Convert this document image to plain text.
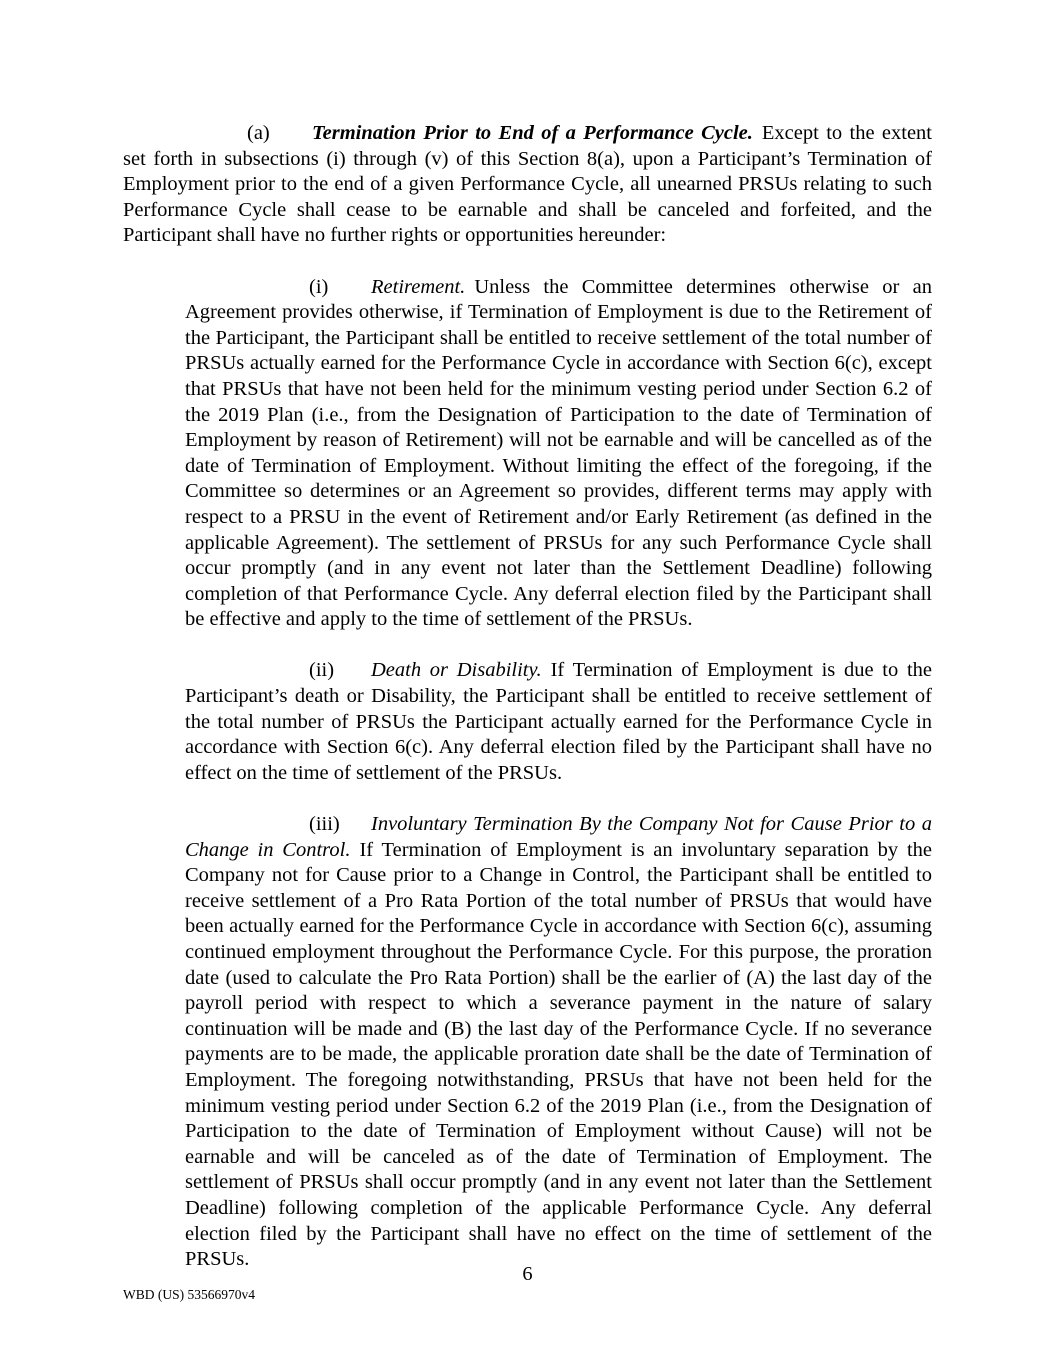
(a) Termination Prior to End of a Performance Cycle. Except to the extent set forth in subsections (i) through (v) of this Section 8(a), upon a Participant’s Termination of Employment prior to the end of a given Performance Cycle, all unearned PRSUs relating to such Performance Cycle shall cease to be earnable and shall be canceled and forfeited, and the Participant shall have no further rights or opportunities hereunder:

(i) Retirement. Unless the Committee determines otherwise or an Agreement provides otherwise, if Termination of Employment is due to the Retirement of the Participant, the Participant shall be entitled to receive settlement of the total number of PRSUs actually earned for the Performance Cycle in accordance with Section 6(c), except that PRSUs that have not been held for the minimum vesting period under Section 6.2 of the 2019 Plan (i.e., from the Designation of Participation to the date of Termination of Employment by reason of Retirement) will not be earnable and will be cancelled as of the date of Termination of Employment. Without limiting the effect of the foregoing, if the Committee so determines or an Agreement so provides, different terms may apply with respect to a PRSU in the event of Retirement and/or Early Retirement (as defined in the applicable Agreement). The settlement of PRSUs for any such Performance Cycle shall occur promptly (and in any event not later than the Settlement Deadline) following completion of that Performance Cycle. Any deferral election filed by the Participant shall be effective and apply to the time of settlement of the PRSUs.

(ii) Death or Disability. If Termination of Employment is due to the Participant’s death or Disability, the Participant shall be entitled to receive settlement of the total number of PRSUs the Participant actually earned for the Performance Cycle in accordance with Section 6(c). Any deferral election filed by the Participant shall have no effect on the time of settlement of the PRSUs.

(iii) Involuntary Termination By the Company Not for Cause Prior to a Change in Control. If Termination of Employment is an involuntary separation by the Company not for Cause prior to a Change in Control, the Participant shall be entitled to receive settlement of a Pro Rata Portion of the total number of PRSUs that would have been actually earned for the Performance Cycle in accordance with Section 6(c), assuming continued employment throughout the Performance Cycle. For this purpose, the proration date (used to calculate the Pro Rata Portion) shall be the earlier of (A) the last day of the payroll period with respect to which a severance payment in the nature of salary continuation will be made and (B) the last day of the Performance Cycle. If no severance payments are to be made, the applicable proration date shall be the date of Termination of Employment. The foregoing notwithstanding, PRSUs that have not been held for the minimum vesting period under Section 6.2 of the 2019 Plan (i.e., from the Designation of Participation to the date of Termination of Employment without Cause) will not be earnable and will be canceled as of the date of Termination of Employment. The settlement of PRSUs shall occur promptly (and in any event not later than the Settlement Deadline) following completion of the applicable Performance Cycle. Any deferral election filed by the Participant shall have no effect on the time of settlement of the PRSUs.

6
WBD (US) 53566970v4
